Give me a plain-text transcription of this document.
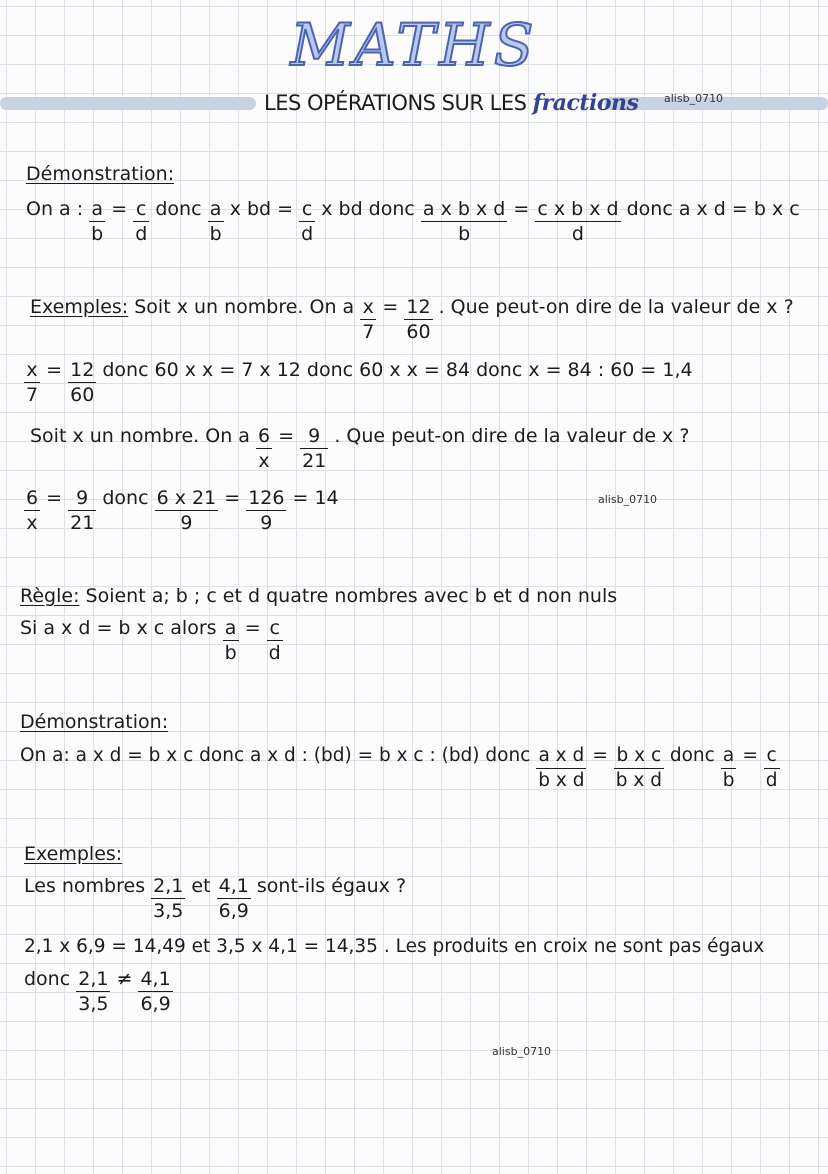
MATHS
LES OPÉRATIONS SUR LES fractions alisb_0710
Démonstration:
On a : $\frac{a}{b} = \frac{c}{d}$ donc $\frac{a}{b}$ x bd = $\frac{c}{d}$ x bd donc $\frac{\text{a x b x d}}{b} = \frac{\text{c x b x d}}{d}$ donc a x d = b x c
Exemples: Soit x un nombre. On a $\frac{x}{7} = \frac{12}{60}$ . Que peut-on dire de la valeur de x ?
$\frac{x}{7} = \frac{12}{60}$ donc 60 x x = 7 x 12 donc 60 x x = 84 donc x = 84 : 60 = 1,4
Soit x un nombre. On a $\frac{6}{x} = \frac{9}{21}$ . Que peut-on dire de la valeur de x ?
$\frac{6}{x} = \frac{9}{21}$ donc $\frac{6 x 21}{9} = \frac{126}{9} = 14$	alisb_0710
Règle: Soient a; b ; c et d quatre nombres avec b et d non nuls
Si a x d = b x c alors $\frac{a}{b} = \frac{c}{d}$
Démonstration:
On a: a x d = b x c donc a x d : (bd) = b x c : (bd) donc $\frac{\text{a x d}}{\text{b x d}} = \frac{\text{b x c}}{\text{b x d}}$ donc $\frac{a}{b} = \frac{c}{d}$
Exemples:
Les nombres $\frac{2,1}{3,5}$ et $\frac{4,1}{6,9}$ sont-ils égaux ?
2,1 x 6,9 = 14,49 et 3,5 x 4,1 = 14,35 . Les produits en croix ne sont pas égaux
donc $\frac{2,1}{3,5} \ne \frac{4,1}{6,9}$
alisb_0710
